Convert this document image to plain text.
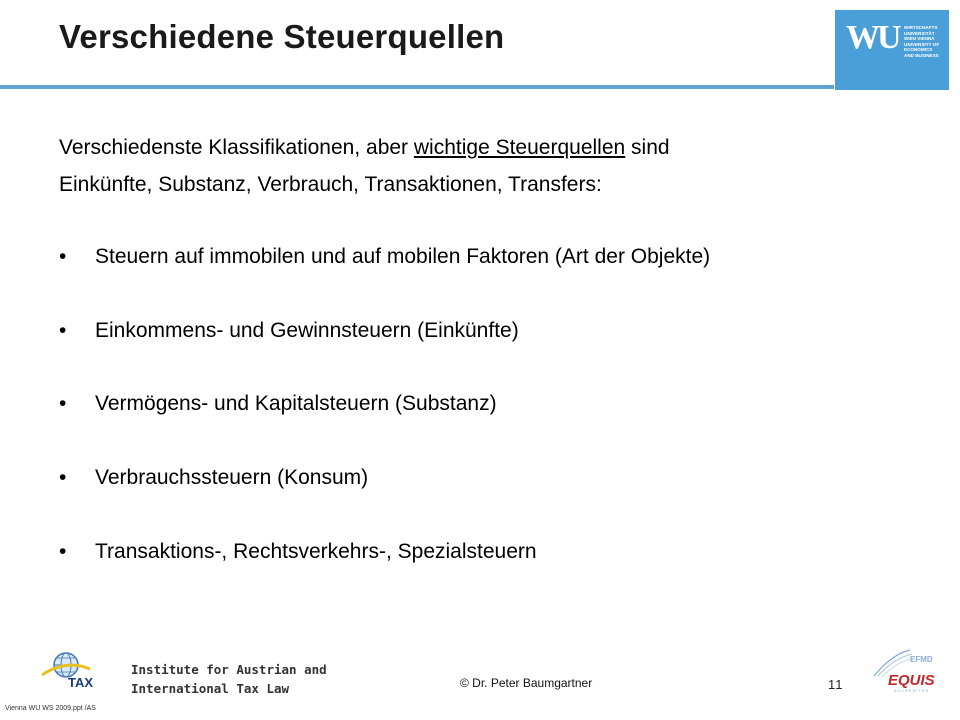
Verschiedene Steuerquellen	WU WIRTSCHAFTS
UNIVERSITÄT
WIEN VIENNA
UNIVERSITY OF
ECONOMICS
AND BUSINESS

Verschiedenste Klassifikationen, aber wichtige Steuerquellen sind
Einkünfte, Substanz, Verbrauch, Transaktionen, Transfers:

• Steuern auf immobilen und auf mobilen Faktoren (Art der Objekte)
• Einkommens- und Gewinnsteuern (Einkünfte)
• Vermögens- und Kapitalsteuern (Substanz)
• Verbrauchssteuern (Konsum)
• Transaktions-, Rechtsverkehrs-, Spezialsteuern
TAX

Institute for Austrian and
International Tax Law	© Dr. Peter Baumgartner	11
EFMD
EQUIS
ACCREDITED
Vienna WU WS 2009.ppt /AS
